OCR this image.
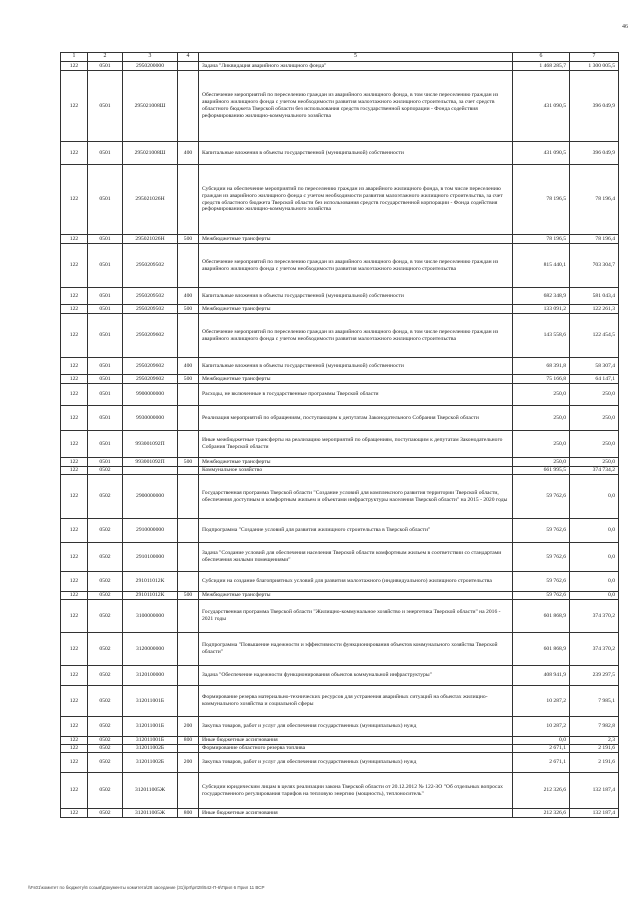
46
1	2	3	4	5	6	7
122	0501	2950200000		Задача "Ликвидация аварийного жилищного фонда"	1 468 285,7	1 300 005,5
122	0501	295021008Ш		Обеспечение мероприятий по переселению граждан из аварийного жилищного фонда, в том числе переселению граждан из аварийного жилищного фонда с учетом необходимости развития малоэтажного жилищного строительства, за счет средств областного бюджета Тверской области без использования средств государственной корпорации - Фонда содействия реформированию жилищно-коммунального хозяйства	431 090,5	396 049,9
122	0501	295021008Ш	400	Капитальные вложения в объекты государственной (муниципальной) собственности	431 090,5	396 049,9
122	0501	295021026Н		Субсидии на обеспечение мероприятий по переселению граждан из аварийного жилищного фонда, в том числе переселению граждан из аварийного жилищного фонда с учетом необходимости развития малоэтажного жилищного строительства, за счет средств областного бюджета Тверской области без использования средств государственной корпорации - Фонда содействия реформированию жилищно-коммунального хозяйства	78 196,5	78 196,4
122	0501	295021026Н	500	Межбюджетные трансферты	78 196,5	78 196,4
122	0501	2950209502		Обеспечение мероприятий по переселению граждан из аварийного жилищного фонда, в том числе переселению граждан из аварийного жилищного фонда с учетом необходимости развития малоэтажного жилищного строительства	815 440,1	703 304,7
122	0501	2950209502	400	Капитальные вложения в объекты государственной (муниципальной) собственности	682 348,9	581 043,4
122	0501	2950209502	500	Межбюджетные трансферты	133 091,2	122 261,3
122	0501	2950209602		Обеспечение мероприятий по переселению граждан из аварийного жилищного фонда, в том числе переселению граждан из аварийного жилищного фонда с учетом необходимости развития малоэтажного жилищного строительства	143 558,6	122 454,5
122	0501	2950209602	400	Капитальные вложения в объекты государственной (муниципальной) собственности	68 391,8	58 307,4
122	0501	2950209602	500	Межбюджетные трансферты	75 166,8	64 147,1
122	0501	9900000000		Расходы, не включенные в государственные программы Тверской области	250,0	250,0
122	0501	9930000000		Реализация мероприятий по обращениям, поступающим к депутатам Законодательного Собрания Тверской области	250,0	250,0
122	0501	993001092П		Иные межбюджетные трансферты на реализацию мероприятий по обращениям, поступающим к депутатам Законодательного Собрания Тверской области	250,0	250,0
122	0501	993001092П	500	Межбюджетные трансферты	250,0	250,0
122	0502			Коммунальное хозяйство	661 995,5	374 734,2
122	0502	2900000000		Государственная программа Тверской области "Создание условий для комплексного развития территории Тверской области, обеспечения доступным и комфортным жильем и объектами инфраструктуры населения Тверской области" на 2015 - 2020 годы	59 762,6	0,0
122	0502	2910000000		Подпрограмма "Создание условий для развития жилищного строительства в Тверской области"	59 762,6	0,0
122	0502	2910100000		Задача "Создание условий для обеспечения населения Тверской области комфортным жильем в соответствии со стандартами обеспечения жилыми помещениями"	59 762,6	0,0
122	0502	291011012К		Субсидии на создание благоприятных условий для развития малоэтажного (индивидуального) жилищного строительства	59 762,6	0,0
122	0502	291011012К	500	Межбюджетные трансферты	59 762,6	0,0
122	0502	3100000000		Государственная программа Тверской области "Жилищно-коммунальное хозяйство и энергетика Тверской области" на 2016 - 2021 годы	601 868,9	374 370,2
122	0502	3120000000		Подпрограмма "Повышение надежности и эффективности функционирования объектов коммунального хозяйства Тверской области"	601 868,9	374 370,2
122	0502	3120100000		Задача "Обеспечение надежности функционирования объектов коммунальной инфраструктуры"	408 941,9	239 297,5
122	0502	312011001Б		Формирование резерва материально-технических ресурсов для устранения аварийных ситуаций на объектах жилищно-коммунального хозяйства и социальной сферы	10 287,2	7 985,1
122	0502	312011001Б	200	Закупка товаров, работ и услуг для обеспечения государственных (муниципальных) нужд	10 287,2	7 982,8
122	0502	312011001Б	800	Иные бюджетные ассигнования	0,0	2,3
122	0502	312011002Б		Формирование областного резерва топлива	2 671,1	2 191,6
122	0502	312011002Б	200	Закупка товаров, работ и услуг для обеспечения государственных (муниципальных) нужд	2 671,1	2 191,6
122	0502	312011005Ж		Субсидии юридическим лицам в целях реализации закона Тверской области от 20.12.2012 № 122-ЗО "Об отдельных вопросах государственного регулирования тарифов на тепловую энергию (мощность), теплоноситель"	212 326,6	132 187,4
122	0502	312011005Ж	800	Иные бюджетные ассигнования	212 326,6	132 187,4
\\Fs01\комитет по бюджету\6 созыв\Документы комитета\28 заседание (31)\prt\prt28\542-П-6\Прил 6 Прил 11 ВСР
